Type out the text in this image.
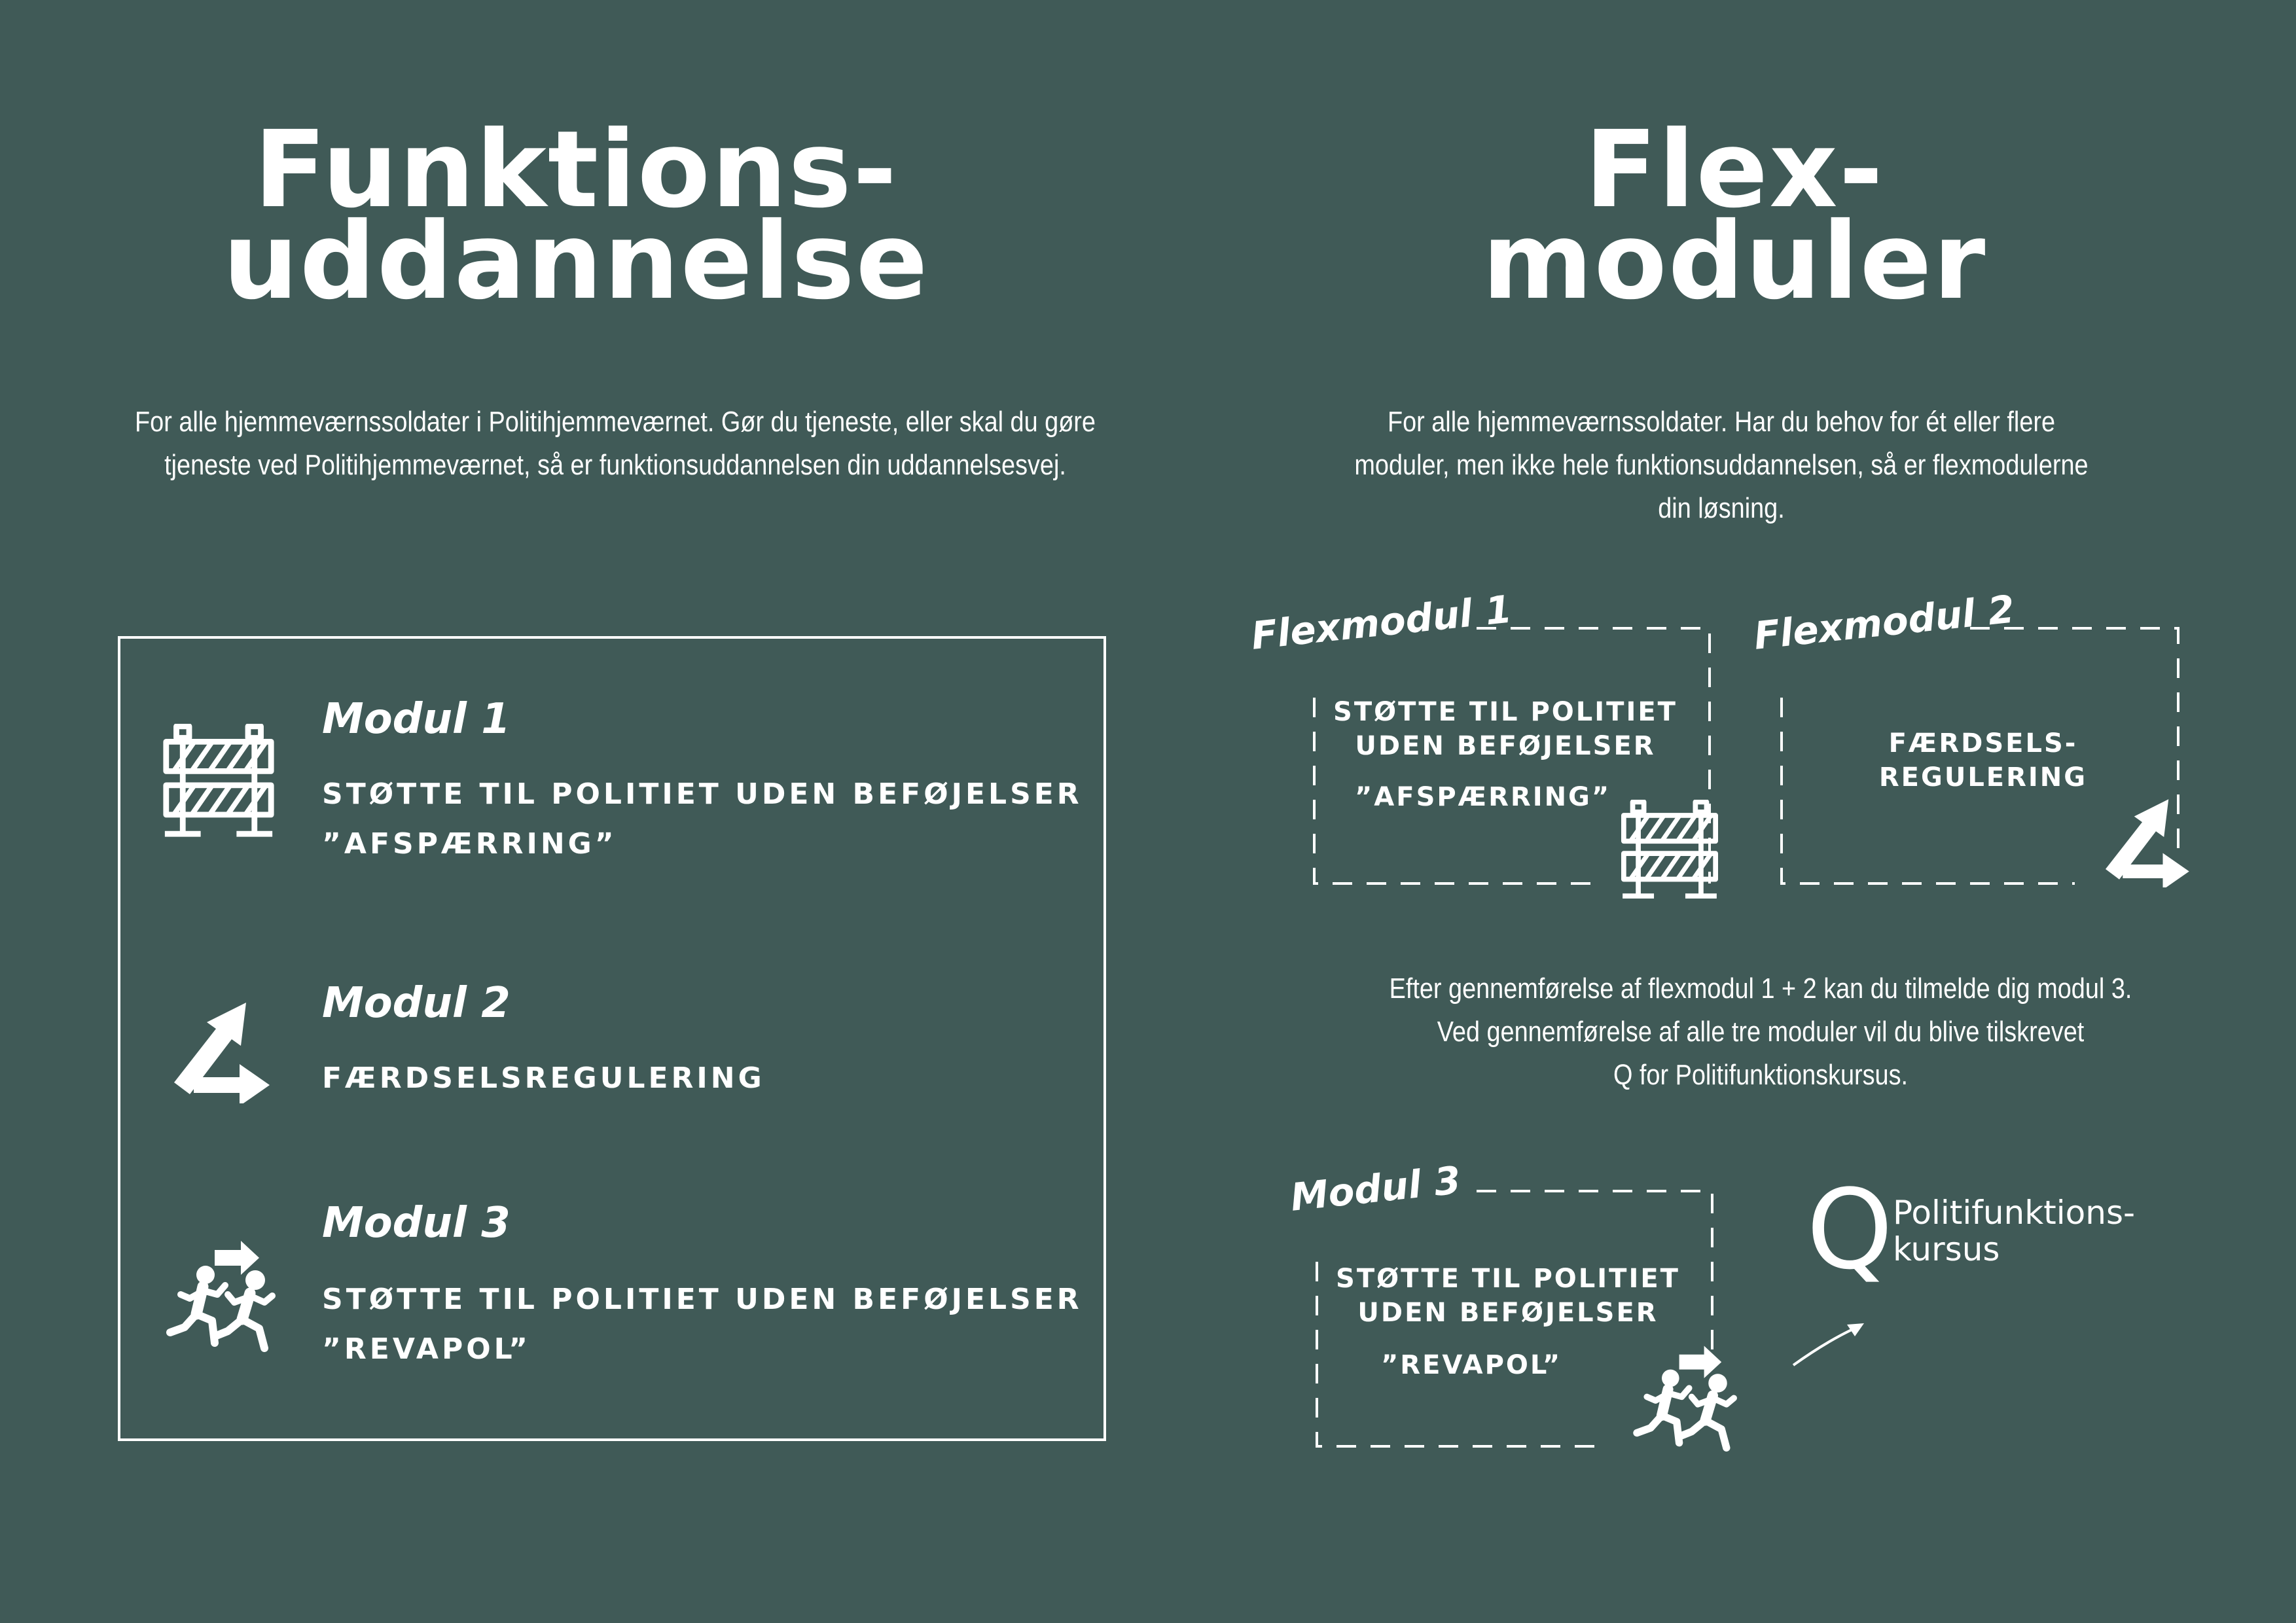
Funktions-
uddannelse
For alle hjemmeværnssoldater i Politihjemmeværnet. Gør du tjeneste, eller skal du gøre tjeneste ved Politihjemmeværnet, så er funktionsuddannelsen din uddannelsesvej.
Modul 1
STØTTE TIL POLITIET UDEN BEFØJELSER
”AFSPÆRRING”
Modul 2
FÆRDSELSREGULERING
Modul 3
STØTTE TIL POLITIET UDEN BEFØJELSER
”REVAPOL”
Flex-
moduler
For alle hjemmeværnssoldater. Har du behov for ét eller flere moduler, men ikke hele funktionsuddannelsen, så er flexmodulerne din løsning.
Flexmodul 1
STØTTE TIL POLITIET
UDEN BEFØJELSER
”AFSPÆRRING”
Flexmodul 2
FÆRDSELS-
REGULERING
Efter gennemførelse af flexmodul 1 + 2 kan du tilmelde dig modul 3.
Ved gennemførelse af alle tre moduler vil du blive tilskrevet
Q for Politifunktionskursus.
Modul 3
STØTTE TIL POLITIET
UDEN BEFØJELSER
”REVAPOL”
Q Politifunktions-
kursus
